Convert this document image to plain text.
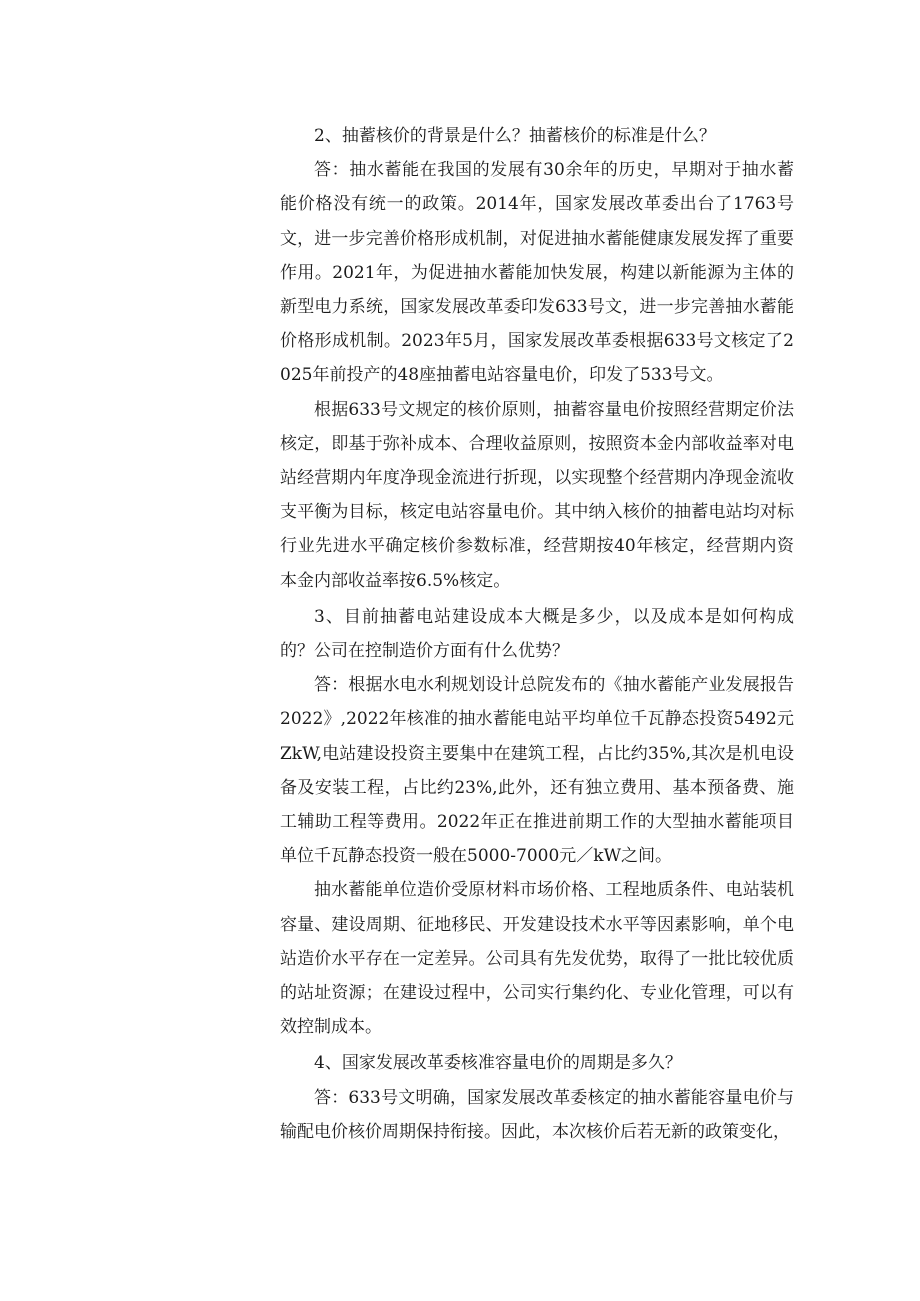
2、抽蓄核价的背景是什么？抽蓄核价的标准是什么？

答：抽水蓄能在我国的发展有30余年的历史，早期对于抽水蓄能价格没有统一的政策。2014年，国家发展改革委出台了1763号文，进一步完善价格形成机制，对促进抽水蓄能健康发展发挥了重要作用。2021年，为促进抽水蓄能加快发展，构建以新能源为主体的新型电力系统，国家发展改革委印发633号文，进一步完善抽水蓄能价格形成机制。2023年5月，国家发展改革委根据633号文核定了2025年前投产的48座抽蓄电站容量电价，印发了533号文。

根据633号文规定的核价原则，抽蓄容量电价按照经营期定价法核定，即基于弥补成本、合理收益原则，按照资本金内部收益率对电站经营期内年度净现金流进行折现，以实现整个经营期内净现金流收支平衡为目标，核定电站容量电价。其中纳入核价的抽蓄电站均对标行业先进水平确定核价参数标准，经营期按40年核定，经营期内资本金内部收益率按6.5%核定。

3、目前抽蓄电站建设成本大概是多少，以及成本是如何构成的？公司在控制造价方面有什么优势？

答：根据水电水利规划设计总院发布的《抽水蓄能产业发展报告2022》,2022年核准的抽水蓄能电站平均单位千瓦静态投资5492元ZkW,电站建设投资主要集中在建筑工程，占比约35%,其次是机电设备及安装工程，占比约23%,此外，还有独立费用、基本预备费、施工辅助工程等费用。2022年正在推进前期工作的大型抽水蓄能项目单位千瓦静态投资一般在5000-7000元／kW之间。

抽水蓄能单位造价受原材料市场价格、工程地质条件、电站装机容量、建设周期、征地移民、开发建设技术水平等因素影响，单个电站造价水平存在一定差异。公司具有先发优势，取得了一批比较优质的站址资源；在建设过程中，公司实行集约化、专业化管理，可以有效控制成本。

4、国家发展改革委核准容量电价的周期是多久？

答：633号文明确，国家发展改革委核定的抽水蓄能容量电价与输配电价核价周期保持衔接。因此，本次核价后若无新的政策变化，
